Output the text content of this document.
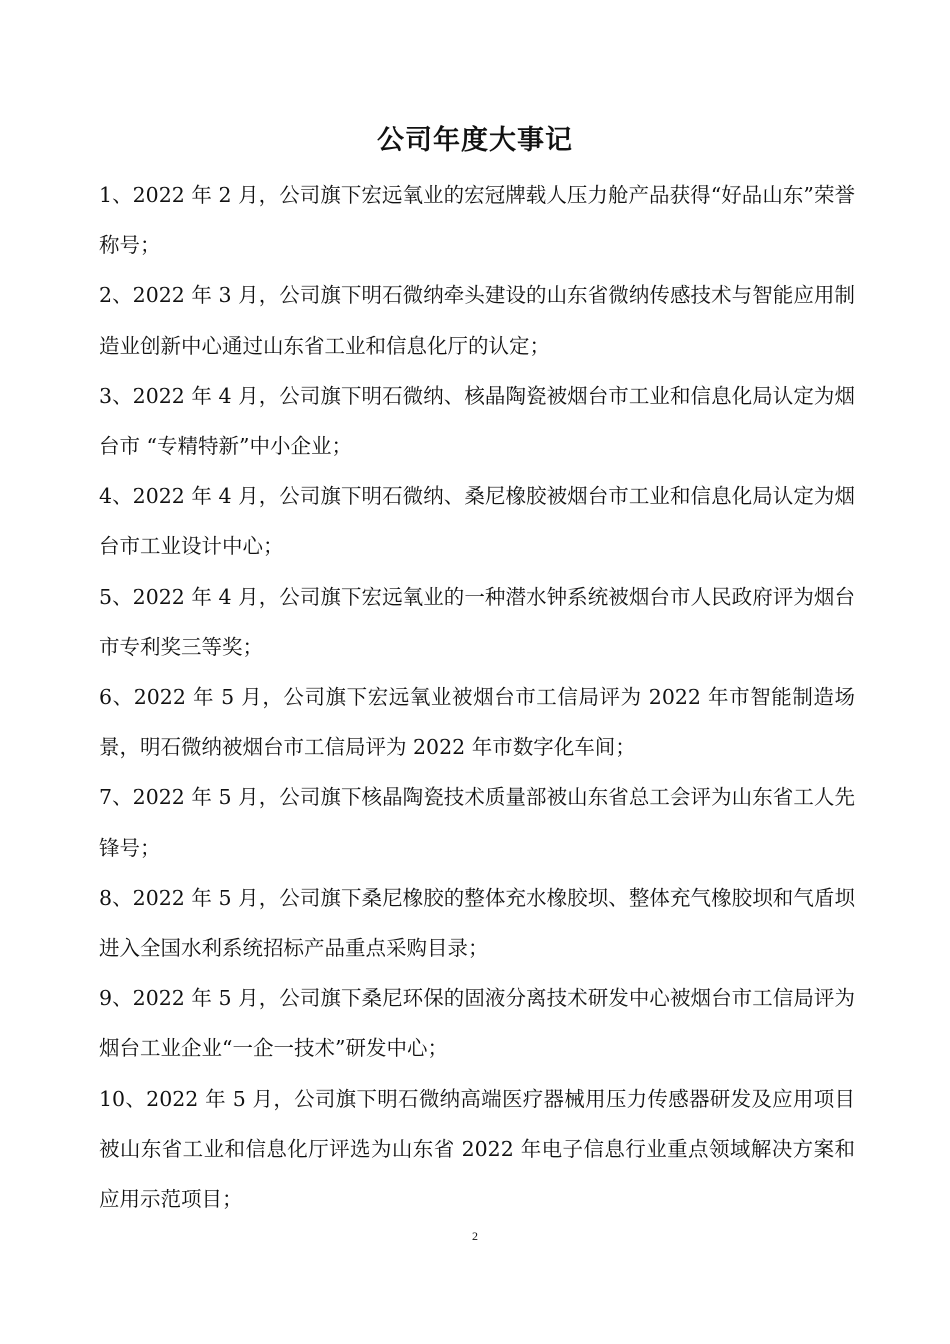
公司年度大事记

1、2022 年 2 月，公司旗下宏远氧业的宏冠牌载人压力舱产品获得“好品山东”荣誉称号；

2、2022 年 3 月，公司旗下明石微纳牵头建设的山东省微纳传感技术与智能应用制造业创新中心通过山东省工业和信息化厅的认定；

3、2022 年 4 月，公司旗下明石微纳、核晶陶瓷被烟台市工业和信息化局认定为烟台市 “专精特新”中小企业；

4、2022 年 4 月，公司旗下明石微纳、桑尼橡胶被烟台市工业和信息化局认定为烟台市工业设计中心；

5、2022 年 4 月，公司旗下宏远氧业的一种潜水钟系统被烟台市人民政府评为烟台市专利奖三等奖；

6、2022 年 5 月，公司旗下宏远氧业被烟台市工信局评为 2022 年市智能制造场景，明石微纳被烟台市工信局评为 2022 年市数字化车间；

7、2022 年 5 月，公司旗下核晶陶瓷技术质量部被山东省总工会评为山东省工人先锋号；

8、2022 年 5 月，公司旗下桑尼橡胶的整体充水橡胶坝、整体充气橡胶坝和气盾坝进入全国水利系统招标产品重点采购目录；

9、2022 年 5 月，公司旗下桑尼环保的固液分离技术研发中心被烟台市工信局评为烟台工业企业“一企一技术”研发中心；

10、2022 年 5 月，公司旗下明石微纳高端医疗器械用压力传感器研发及应用项目被山东省工业和信息化厅评选为山东省 2022 年电子信息行业重点领域解决方案和应用示范项目；

2
